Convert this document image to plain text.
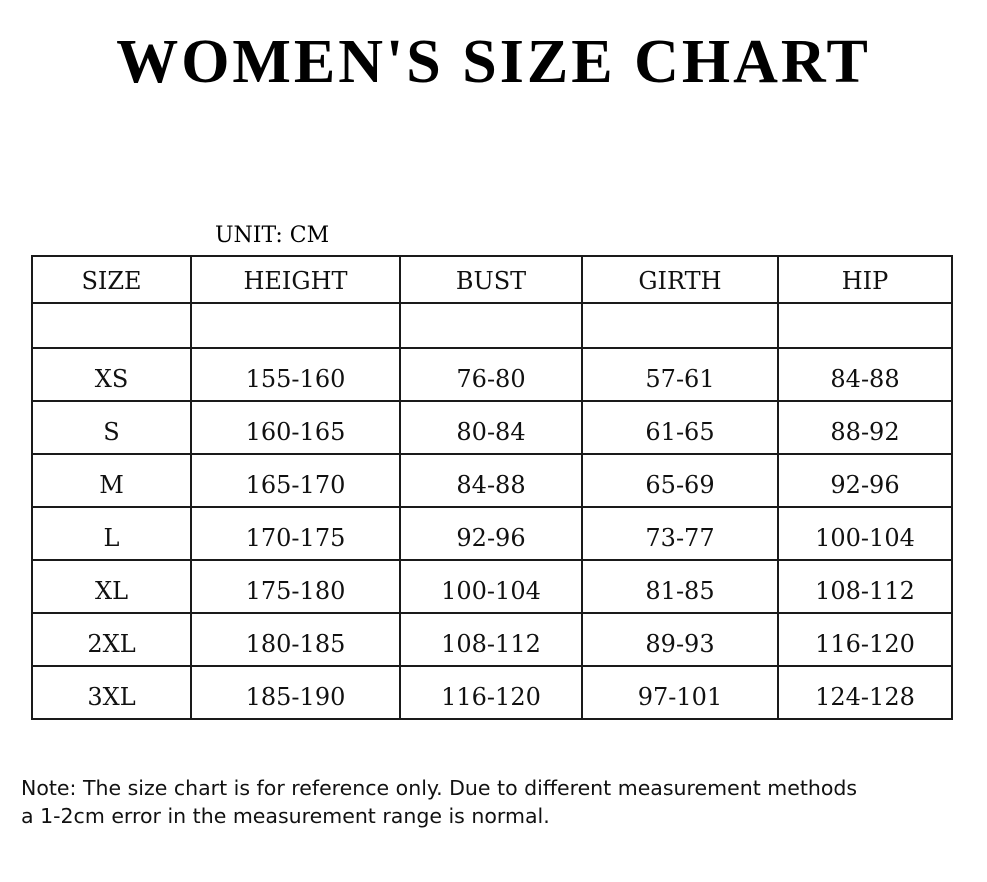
WOMEN'S SIZE CHART
UNIT: CM
SIZE	HEIGHT	BUST	GIRTH	HIP

XS	155-160	76-80	57-61	84-88
S	160-165	80-84	61-65	88-92
M	165-170	84-88	65-69	92-96
L	170-175	92-96	73-77	100-104
XL	175-180	100-104	81-85	108-112
2XL	180-185	108-112	89-93	116-120
3XL	185-190	116-120	97-101	124-128
Note: The size chart is for reference only. Due to different measurement methods
a 1-2cm error in the measurement range is normal.
